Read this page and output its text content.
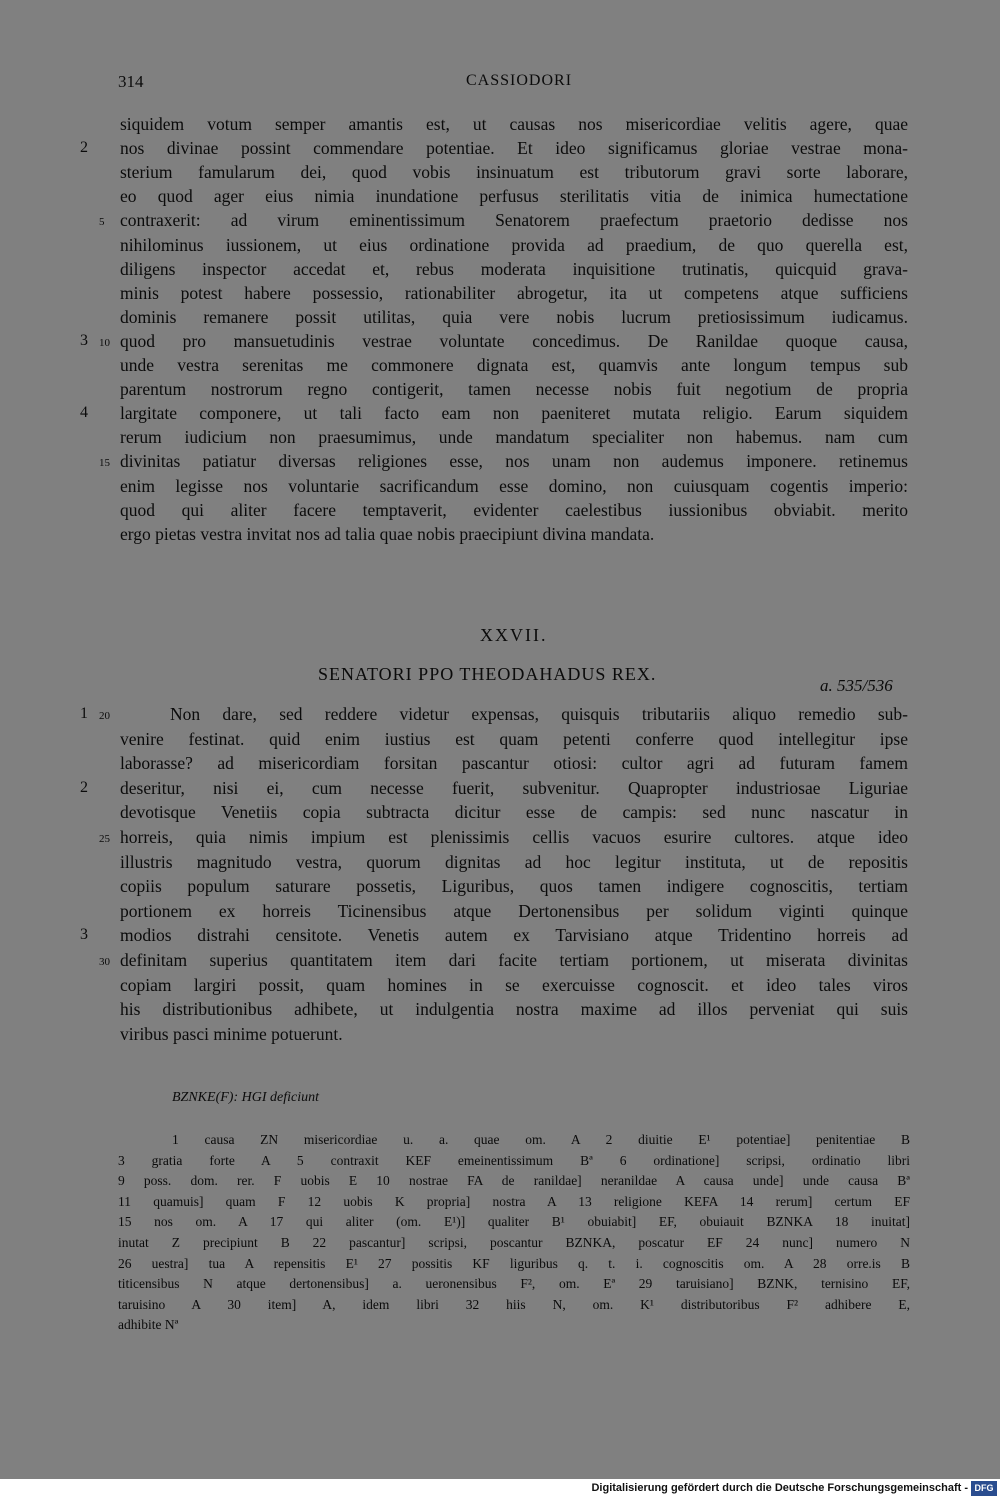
314	CASSIODORI
siquidem votum semper amantis est, ut causas nos misericordiae velitis agere, quae
nos divinae possint commendare potentiae. Et ideo significamus gloriae vestrae mona-
sterium famularum dei, quod vobis insinuatum est tributorum gravi sorte laborare,
eo quod ager eius nimia inundatione perfusus sterilitatis vitia de inimica humectatione
contraxerit: ad virum eminentissimum Senatorem praefectum praetorio dedisse nos
nihilominus iussionem, ut eius ordinatione provida ad praedium, de quo querella est,
diligens inspector accedat et, rebus moderata inquisitione trutinatis, quicquid grava-
minis potest habere possessio, rationabiliter abrogetur, ita ut competens atque sufficiens
dominis remanere possit utilitas, quia vere nobis lucrum pretiosissimum iudicamus.
quod pro mansuetudinis vestrae voluntate concedimus. De Ranildae quoque causa,
unde vestra serenitas me commonere dignata est, quamvis ante longum tempus sub
parentum nostrorum regno contigerit, tamen necesse nobis fuit negotium de propria
largitate componere, ut tali facto eam non paeniteret mutata religio. Earum siquidem
rerum iudicium non praesumimus, unde mandatum specialiter non habemus. nam cum
divinitas patiatur diversas religiones esse, nos unam non audemus imponere. retinemus
enim legisse nos voluntarie sacrificandum esse domino, non cuiusquam cogentis imperio:
quod qui aliter facere temptaverit, evidenter caelestibus iussionibus obviabit. merito
ergo pietas vestra invitat nos ad talia quae nobis praecipiunt divina mandata.
2
5
3 10
4
15
XXVII.
SENATORI PPO THEODAHADUS REX.
a. 535/536
Non dare, sed reddere videtur expensas, quisquis tributariis aliquo remedio sub-
venire festinat. quid enim iustius est quam petenti conferre quod intellegitur ipse
laborasse? ad misericordiam forsitan pascantur otiosi: cultor agri ad futuram famem
deseritur, nisi ei, cum necesse fuerit, subvenitur. Quapropter industriosae Liguriae
devotisque Venetiis copia subtracta dicitur esse de campis: sed nunc nascatur in
horreis, quia nimis impium est plenissimis cellis vacuos esurire cultores. atque ideo
illustris magnitudo vestra, quorum dignitas ad hoc legitur instituta, ut de repositis
copiis populum saturare possetis, Liguribus, quos tamen indigere cognoscitis, tertiam
portionem ex horreis Ticinensibus atque Dertonensibus per solidum viginti quinque
modios distrahi censitote. Venetis autem ex Tarvisiano atque Tridentino horreis ad
definitam superius quantitatem item dari facite tertiam portionem, ut miserata divinitas
copiam largiri possit, quam homines in se exercuisse cognoscit. et ideo tales viros
his distributionibus adhibete, ut indulgentia nostra maxime ad illos perveniat qui suis
viribus pasci minime potuerunt.
1 20
2
25
3
30
BZNKE(F): HGI deficiunt
1 causa ZN misericordiae u. a. quae om. A 2 diuitie E¹ potentiae] penitentiae B
3 gratia forte A 5 contraxit KEF emeinentissimum Bª 6 ordinatione] scripsi, ordinatio libri
9 poss. dom. rer. F uobis E 10 nostrae FA de ranildae] neranildae A causa unde] unde causa Bª
11 quamuis] quam F 12 uobis K propria] nostra A 13 religione KEFA 14 rerum] certum EF
15 nos om. A 17 qui aliter (om. E¹)] qualiter B¹ obuiabit] EF, obuiauit BZNKA 18 inuitat]
inutat Z precipiunt B 22 pascantur] scripsi, poscantur BZNKA, poscatur EF 24 nunc] numero N
26 uestra] tua A repensitis E¹ 27 possitis KF liguribus q. t. i. cognoscitis om. A 28 orre.is B
titicensibus N atque dertonensibus] a. ueronensibus F², om. Eª 29 taruisiano] BZNK, ternisino EF,
taruisino A 30 item] A, idem libri 32 hiis N, om. K¹ distributoribus F² adhibere E,
adhibite Nª
Digitalisierung gefördert durch die Deutsche Forschungsgemeinschaft - DFG
